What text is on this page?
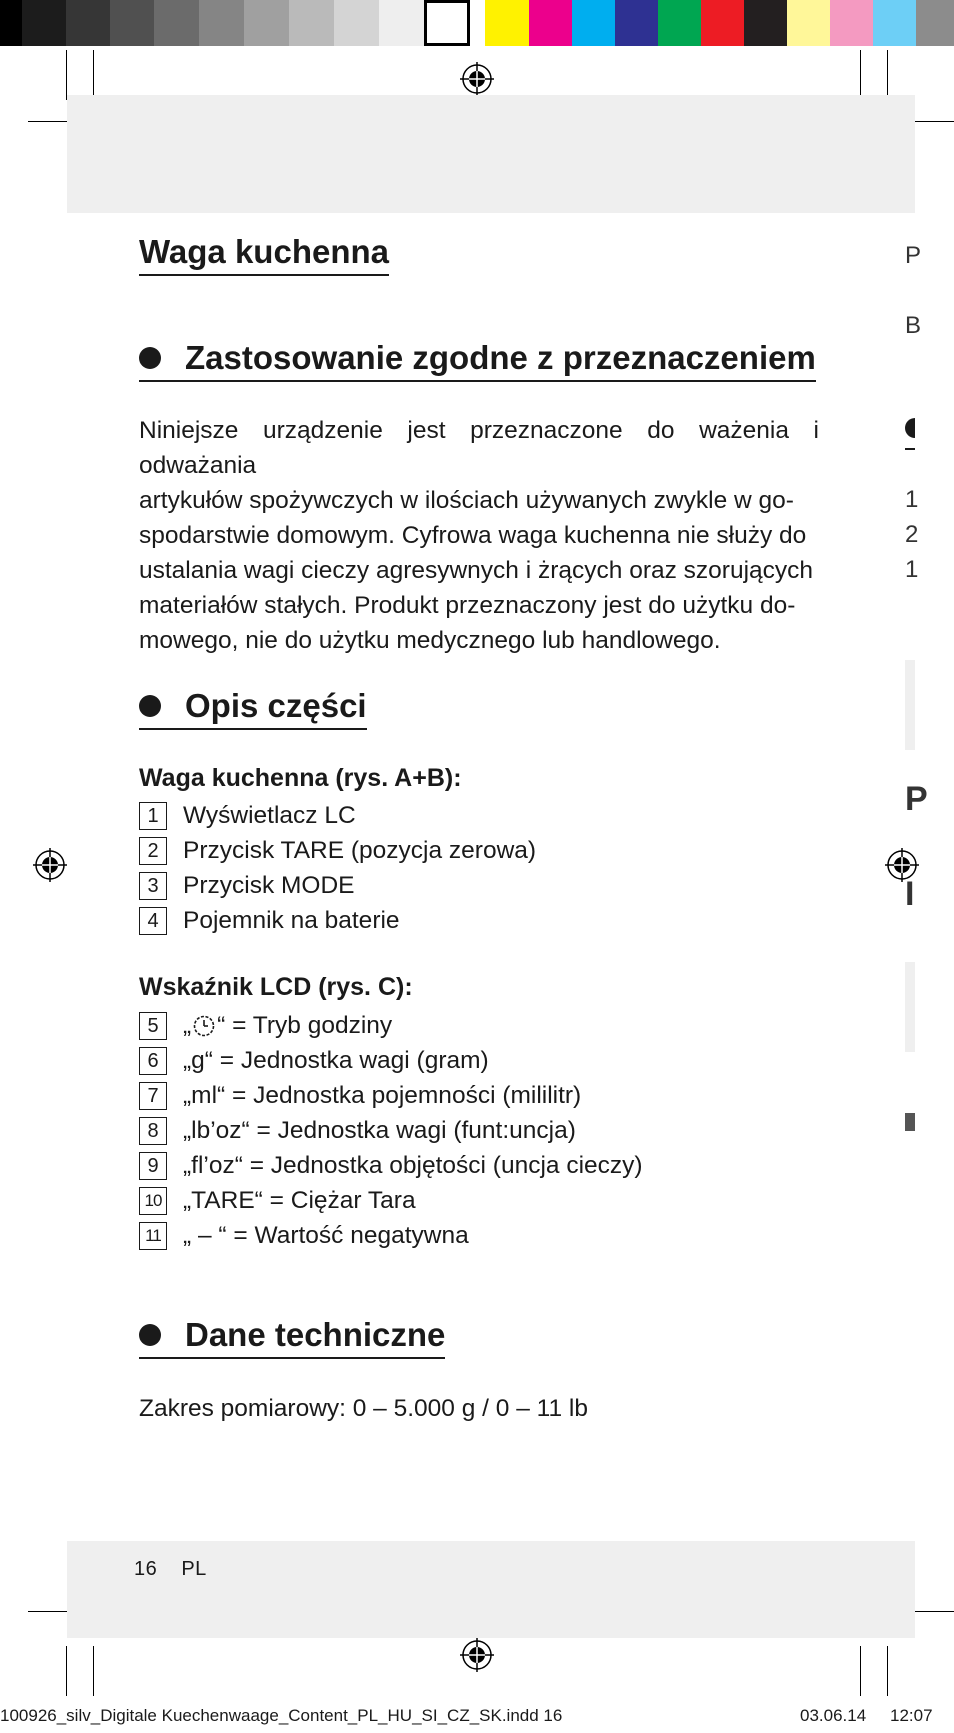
Waga kuchenna
Zastosowanie zgodne z przeznaczeniem
Niniejsze urządzenie jest przeznaczone do ważenia i odważania
artykułów spożywczych w ilościach używanych zwykle w go-
spodarstwie domowym. Cyfrowa waga kuchenna nie służy do
ustalania wagi cieczy agresywnych i żrących oraz szorujących
materiałów stałych. Produkt przeznaczony jest do użytku do-
mowego, nie do użytku medycznego lub handlowego.
Opis części
Waga kuchenna (rys. A+B):
1 Wyświetlacz LC
2 Przycisk TARE (pozycja zerowa)
3 Przycisk MODE
4 Pojemnik na baterie
Wskaźnik LCD (rys. C):
5 „ “ = Tryb godziny
6 „g“ = Jednostka wagi (gram)
7 „ml“ = Jednostka pojemności (mililitr)
8 „lb’oz“ = Jednostka wagi (funt:uncja)
9 „fl’oz“ = Jednostka objętości (uncja cieczy)
10 „TARE“ = Ciężar Tara
11 „ – “ = Wartość negatywna
Dane techniczne

Zakres pomiarowy: 0 – 5.000 g / 0 – 11 lb

16 PL
P
B
1
2
1
P
I
100926_silv_Digitale Kuechenwaage_Content_PL_HU_SI_CZ_SK.indd 16	03.06.14 12:07
